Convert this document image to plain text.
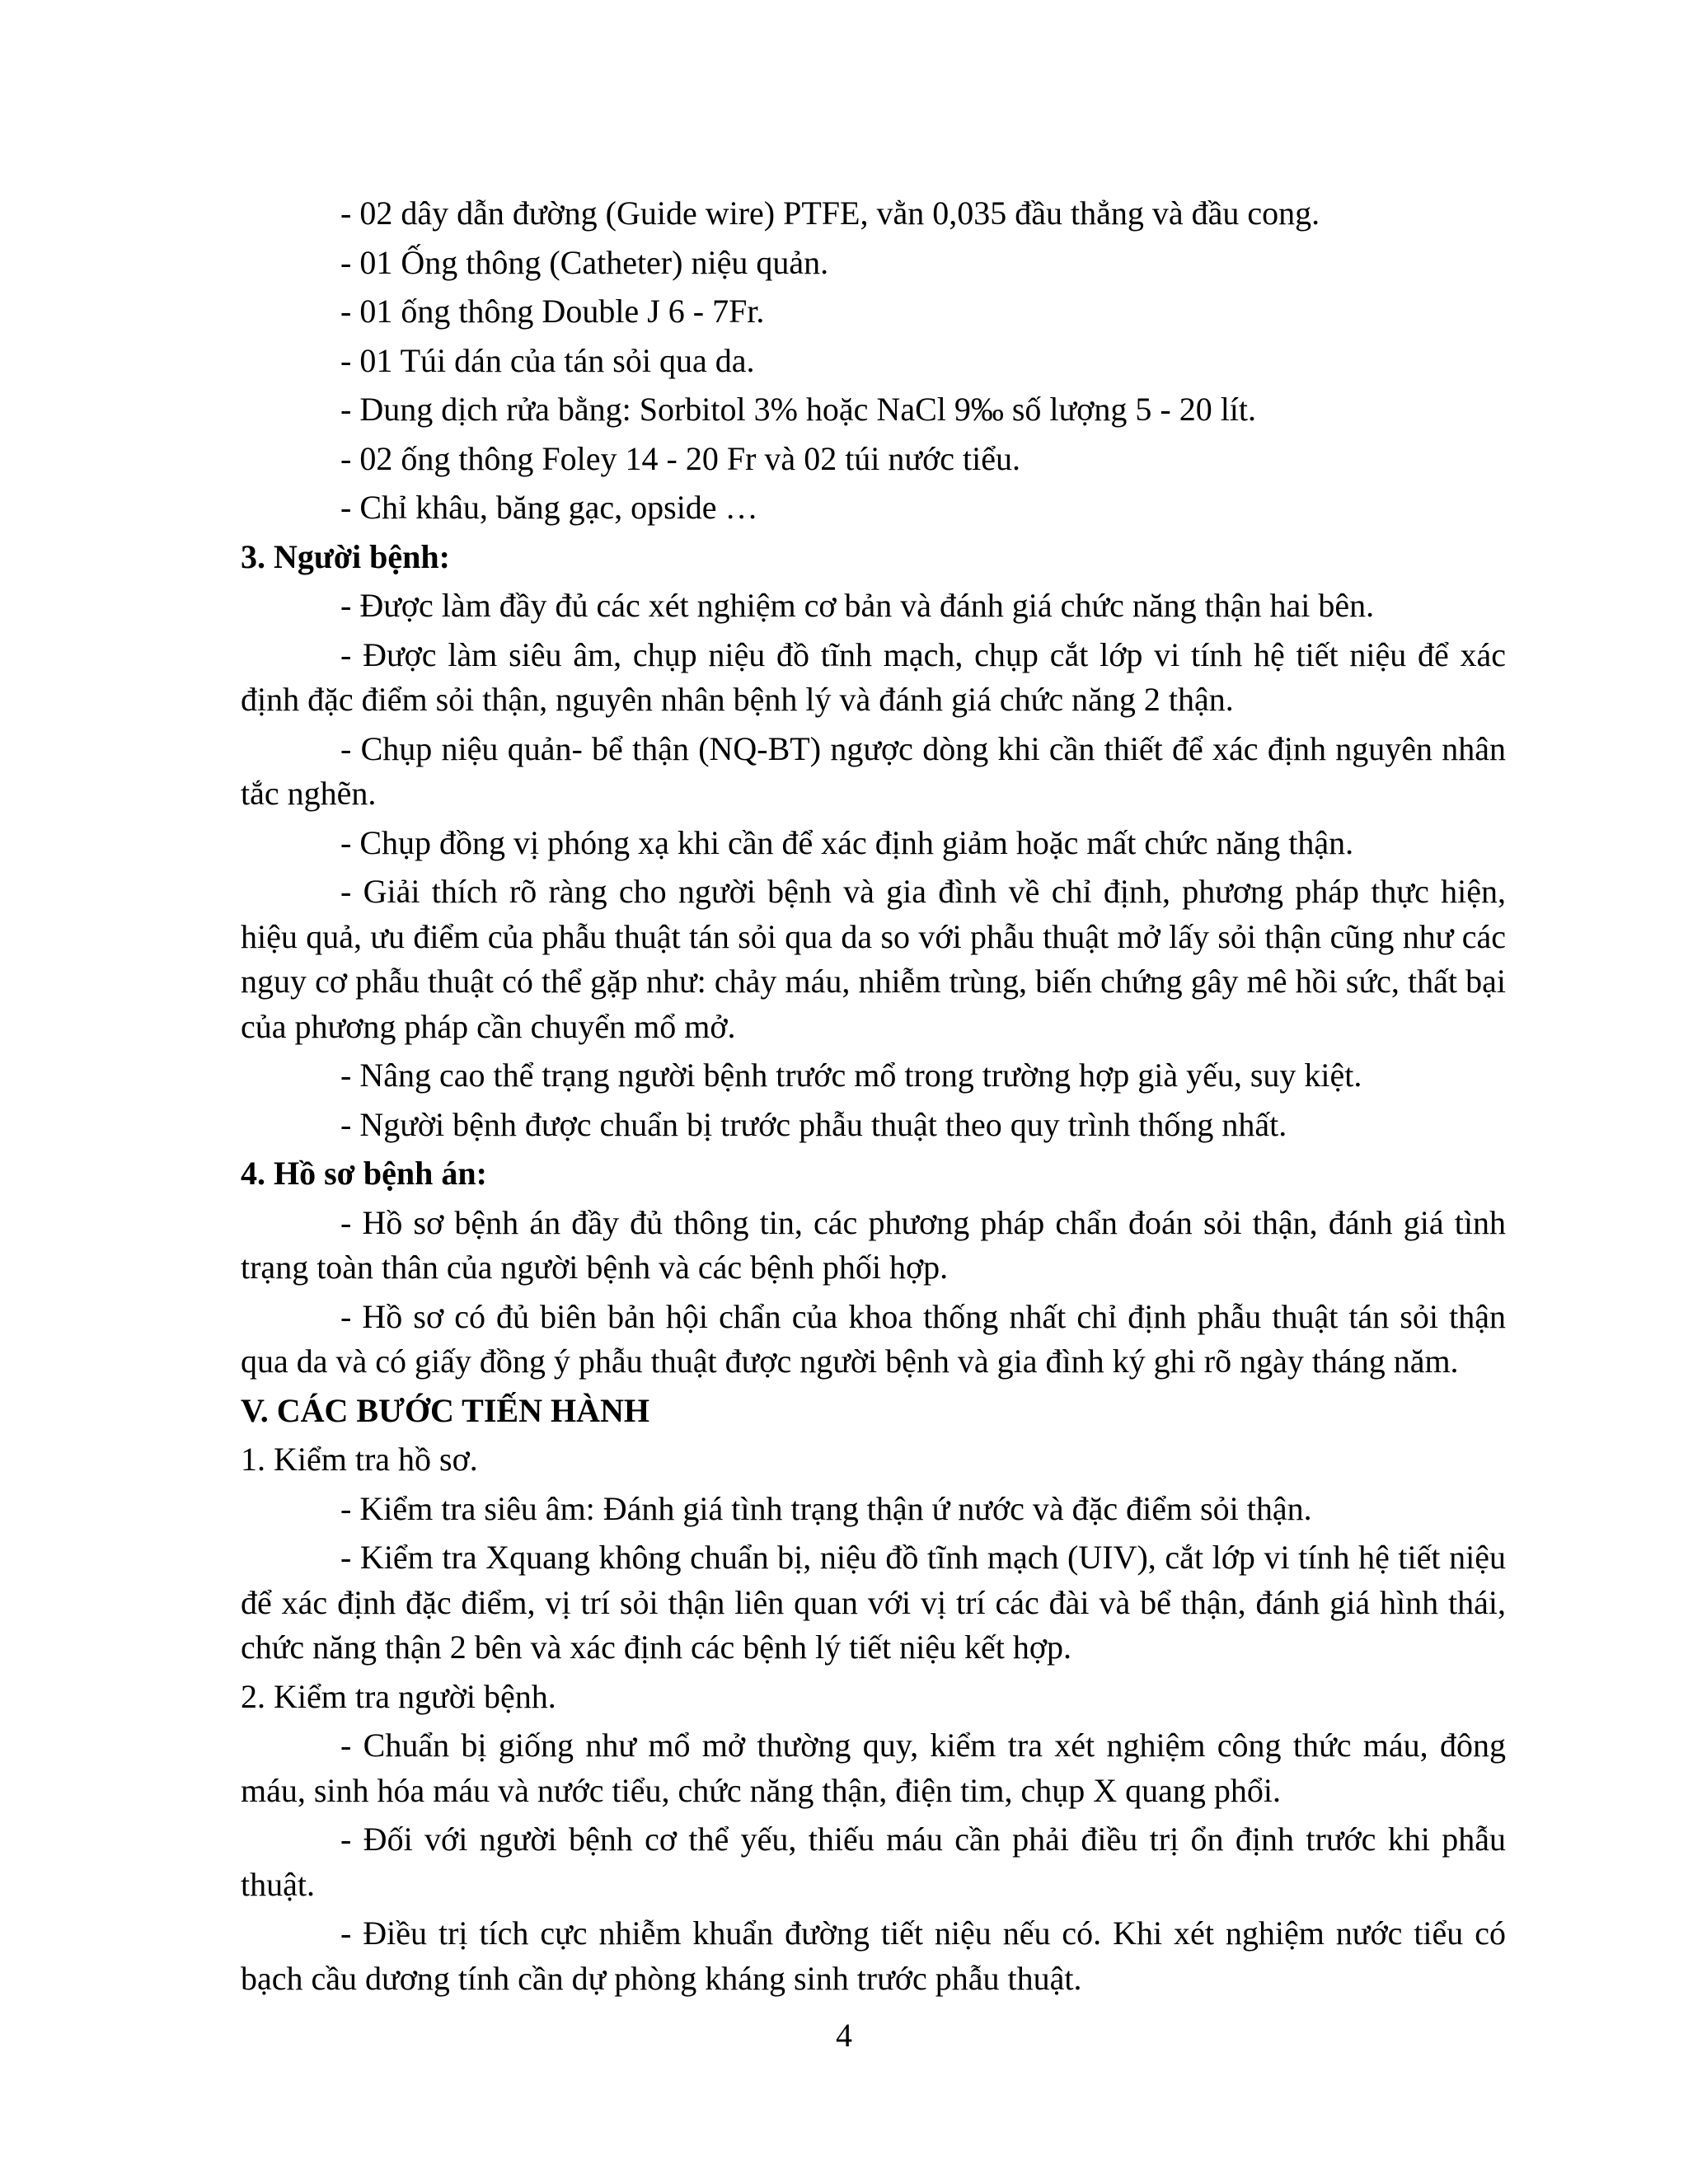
- 02 dây dẫn đường (Guide wire) PTFE, vằn 0,035 đầu thẳng và đầu cong.

- 01 Ống thông (Catheter) niệu quản.

- 01 ống thông Double J 6 - 7Fr.

- 01 Túi dán của tán sỏi qua da.

- Dung dịch rửa bằng: Sorbitol 3% hoặc NaCl 9‰ số lượng 5 - 20 lít.

- 02 ống thông Foley 14 - 20 Fr và 02 túi nước tiểu.

- Chỉ khâu, băng gạc, opside …

3. Người bệnh:

- Được làm đầy đủ các xét nghiệm cơ bản và đánh giá chức năng thận hai bên.

- Được làm siêu âm, chụp niệu đồ tĩnh mạch, chụp cắt lớp vi tính hệ tiết niệu để xác định đặc điểm sỏi thận, nguyên nhân bệnh lý và đánh giá chức năng 2 thận.

- Chụp niệu quản- bể thận (NQ-BT) ngược dòng khi cần thiết để xác định nguyên nhân tắc nghẽn.

- Chụp đồng vị phóng xạ khi cần để xác định giảm hoặc mất chức năng thận.

- Giải thích rõ ràng cho người bệnh và gia đình về chỉ định, phương pháp thực hiện, hiệu quả, ưu điểm của phẫu thuật tán sỏi qua da so với phẫu thuật mở lấy sỏi thận cũng như các nguy cơ phẫu thuật có thể gặp như: chảy máu, nhiễm trùng, biến chứng gây mê hồi sức, thất bại của phương pháp cần chuyển mổ mở.

- Nâng cao thể trạng người bệnh trước mổ trong trường hợp già yếu, suy kiệt.

- Người bệnh được chuẩn bị trước phẫu thuật theo quy trình thống nhất.

4. Hồ sơ bệnh án:

- Hồ sơ bệnh án đầy đủ thông tin, các phương pháp chẩn đoán sỏi thận, đánh giá tình trạng toàn thân của người bệnh và các bệnh phối hợp.

- Hồ sơ có đủ biên bản hội chẩn của khoa thống nhất chỉ định phẫu thuật tán sỏi thận qua da và có giấy đồng ý phẫu thuật được người bệnh và gia đình ký ghi rõ ngày tháng năm.

V. CÁC BƯỚC TIẾN HÀNH

1. Kiểm tra hồ sơ.

- Kiểm tra siêu âm: Đánh giá tình trạng thận ứ nước và đặc điểm sỏi thận.

- Kiểm tra Xquang không chuẩn bị, niệu đồ tĩnh mạch (UIV), cắt lớp vi tính hệ tiết niệu để xác định đặc điểm, vị trí sỏi thận liên quan với vị trí các đài và bể thận, đánh giá hình thái, chức năng thận 2 bên và xác định các bệnh lý tiết niệu kết hợp.

2. Kiểm tra người bệnh.

- Chuẩn bị giống như mổ mở thường quy, kiểm tra xét nghiệm công thức máu, đông máu, sinh hóa máu và nước tiểu, chức năng thận, điện tim, chụp X quang phổi.

- Đối với người bệnh cơ thể yếu, thiếu máu cần phải điều trị ổn định trước khi phẫu thuật.

- Điều trị tích cực nhiễm khuẩn đường tiết niệu nếu có. Khi xét nghiệm nước tiểu có bạch cầu dương tính cần dự phòng kháng sinh trước phẫu thuật.

4
